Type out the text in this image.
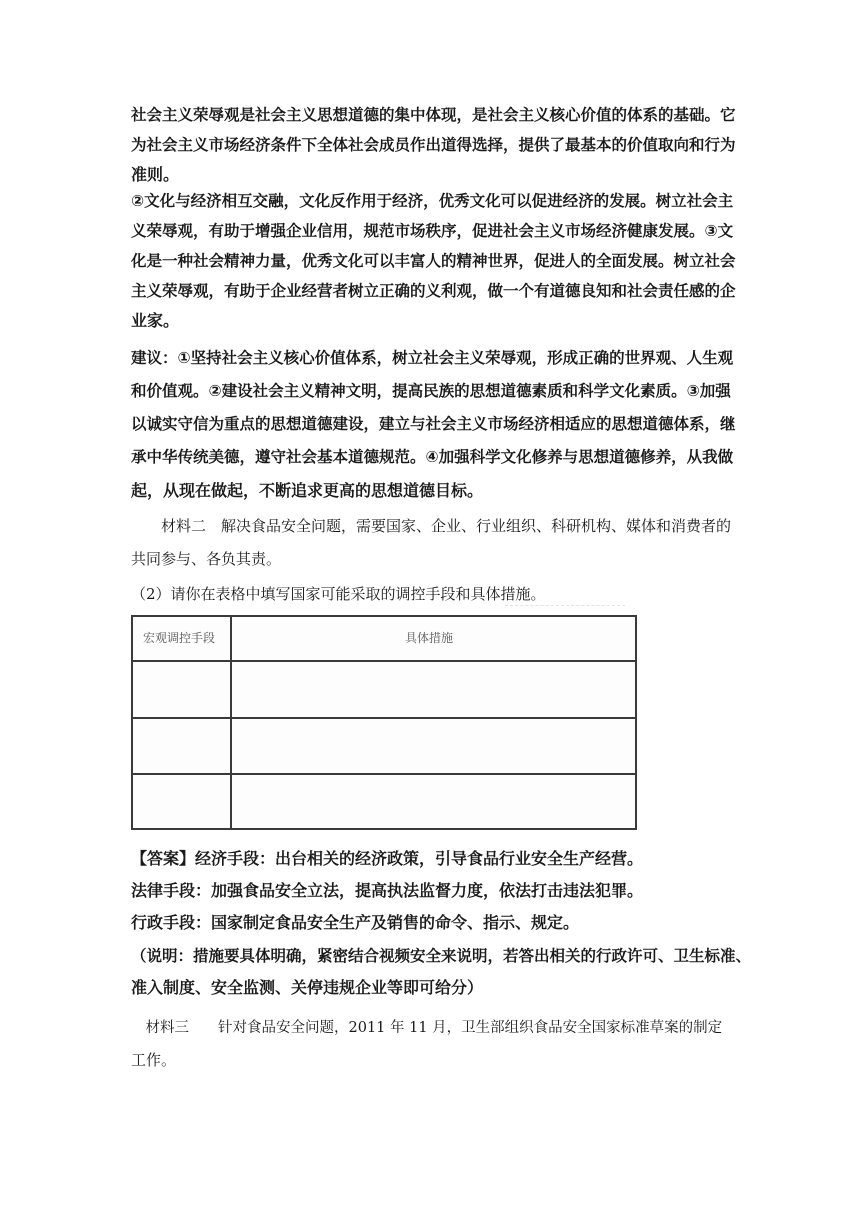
社会主义荣辱观是社会主义思想道德的集中体现，是社会主义核心价值的体系的基础。它
为社会主义市场经济条件下全体社会成员作出道得选择，提供了最基本的价值取向和行为
准则。
②文化与经济相互交融，文化反作用于经济，优秀文化可以促进经济的发展。树立社会主
义荣辱观，有助于增强企业信用，规范市场秩序，促进社会主义市场经济健康发展。③文
化是一种社会精神力量，优秀文化可以丰富人的精神世界，促进人的全面发展。树立社会
主义荣辱观，有助于企业经营者树立正确的义利观，做一个有道德良知和社会责任感的企
业家。
建议：①坚持社会主义核心价值体系，树立社会主义荣辱观，形成正确的世界观、人生观
和价值观。②建设社会主义精神文明，提高民族的思想道德素质和科学文化素质。③加强
以诚实守信为重点的思想道德建设，建立与社会主义市场经济相适应的思想道德体系，继
承中华传统美德，遵守社会基本道德规范。④加强科学文化修养与思想道德修养，从我做
起，从现在做起，不断追求更高的思想道德目标。
　　材料二　解决食品安全问题，需要国家、企业、行业组织、科研机构、媒体和消费者的
共同参与、各负其责。
（2）请你在表格中填写国家可能采取的调控手段和具体措施。
宏观调控手段	具体措施
【答案】经济手段：出台相关的经济政策，引导食品行业安全生产经营。
法律手段：加强食品安全立法，提高执法监督力度，依法打击违法犯罪。
行政手段：国家制定食品安全生产及销售的命令、指示、规定。
（说明：措施要具体明确，紧密结合视频安全来说明，若答出相关的行政许可、卫生标准、
准入制度、安全监测、关停违规企业等即可给分）
　材料三　　针对食品安全问题，2011 年 11 月，卫生部组织食品安全国家标准草案的制定
工作。
